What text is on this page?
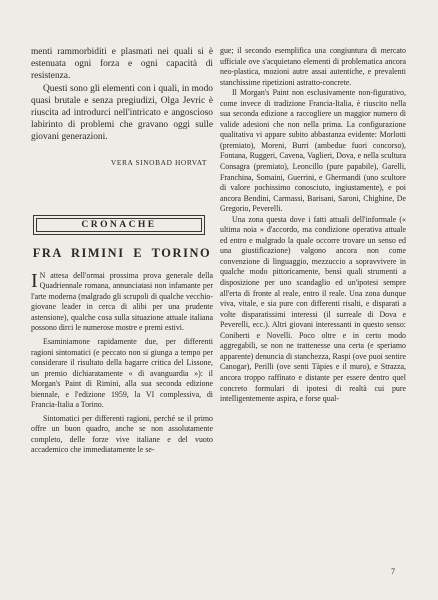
menti rammorbiditi e plasmati nei quali si è estenuata ogni forza e ogni capacità di resistenza.

Questi sono gli elementi con i quali, in modo quasi brutale e senza pregiudizi, Olga Jevric è riuscita ad introdurci nell'intricato e angoscioso labirinto di problemi che gravano oggi sulle giovani generazioni.

VERA SINOBAD HORVAT
CRONACHE
FRA RIMINI E TORINO

I N attesa dell'ormai prossima prova generale della Quadriennale romana, annunciatasi non infamante per l'arte moderna (malgrado gli scrupoli di qualche vecchio-giovane leader in cerca di alibi per una prudente astensione), qualche cosa sulla situazione attuale italiana possono dirci le numerose mostre e premi estivi.

Esaminiamone rapidamente due, per differenti ragioni sintomatici (e peccato non si giunga a tempo per considerare il risultato della bagarre critica del Lissone, un premio dichiaratamente « di avanguardia »): il Morgan's Paint di Rimini, alla sua seconda edizione biennale, e l'edizione 1959, la VI complessiva, di Francia-Italia a Torino.

Sintomatici per differenti ragioni, perché se il primo offre un buon quadro, anche se non assolutamente completo, delle forze vive italiane e del vuoto accademico che immediatamente le se-

gue; il secondo esemplifica una congiuntura di mercato ufficiale ove s'acquietano elementi di problematica ancora neo-plastica, mozioni autre assai autentiche, e prevalenti stanchissime ripetizioni astratto-concrete.

Il Morgan's Paint non esclusivamente non-figurativo, come invece di tradizione Francia-Italia, è riuscito nella sua seconda edizione a raccogliere un maggior numero di valide adesioni che non nella prima. La configurazione qualitativa vi appare subito abbastanza evidente: Morlotti (premiato), Moreni, Burri (ambedue fuori concorso), Fontana, Ruggeri, Cavena, Vaglieri, Dova, e nella scultura Consagra (premiato), Leoncillo (pure papabile), Garelli, Franchina, Somaini, Guerrini, e Ghermandi (uno scultore di valore pochissimo conosciuto, ingiustamente), e poi ancora Bendini, Carmassi, Barisani, Saroni, Chighine, De Gregorio, Peverelli.

Una zona questa dove i fatti attuali dell'informale (« ultima noia » d'accordo, ma condizione operativa attuale ed entro e malgrado la quale occorre trovare un senso ed una giustificazione) valgono ancora non come convenzione di linguaggio, mezzuccio a sopravvivere in qualche modo pittoricamente, bensì quali strumenti a disposizione per uno scandaglio ed un'ipotesi sempre all'erta di fronte al reale, entro il reale. Una zona dunque viva, vitale, e sia pure con differenti risalti, e disparati a volte disparatissimi interessi (il surreale di Dova e Peverelli, ecc.). Altri giovani interessanti in questo senso: Coniberti e Novelli. Poco oltre e in certo modo aggregabili, se non ne trattenesse una certa (e speriamo apparente) denuncia di stanchezza, Raspi (ove puoi sentire Canogar), Perilli (ove senti Tàpies e il muro), e Strazza, ancora troppo raffinato e distante per essere dentro quel concreto formulari di ipotesi di realtà cui pure intelligentemente aspira, e forse qual-

7
